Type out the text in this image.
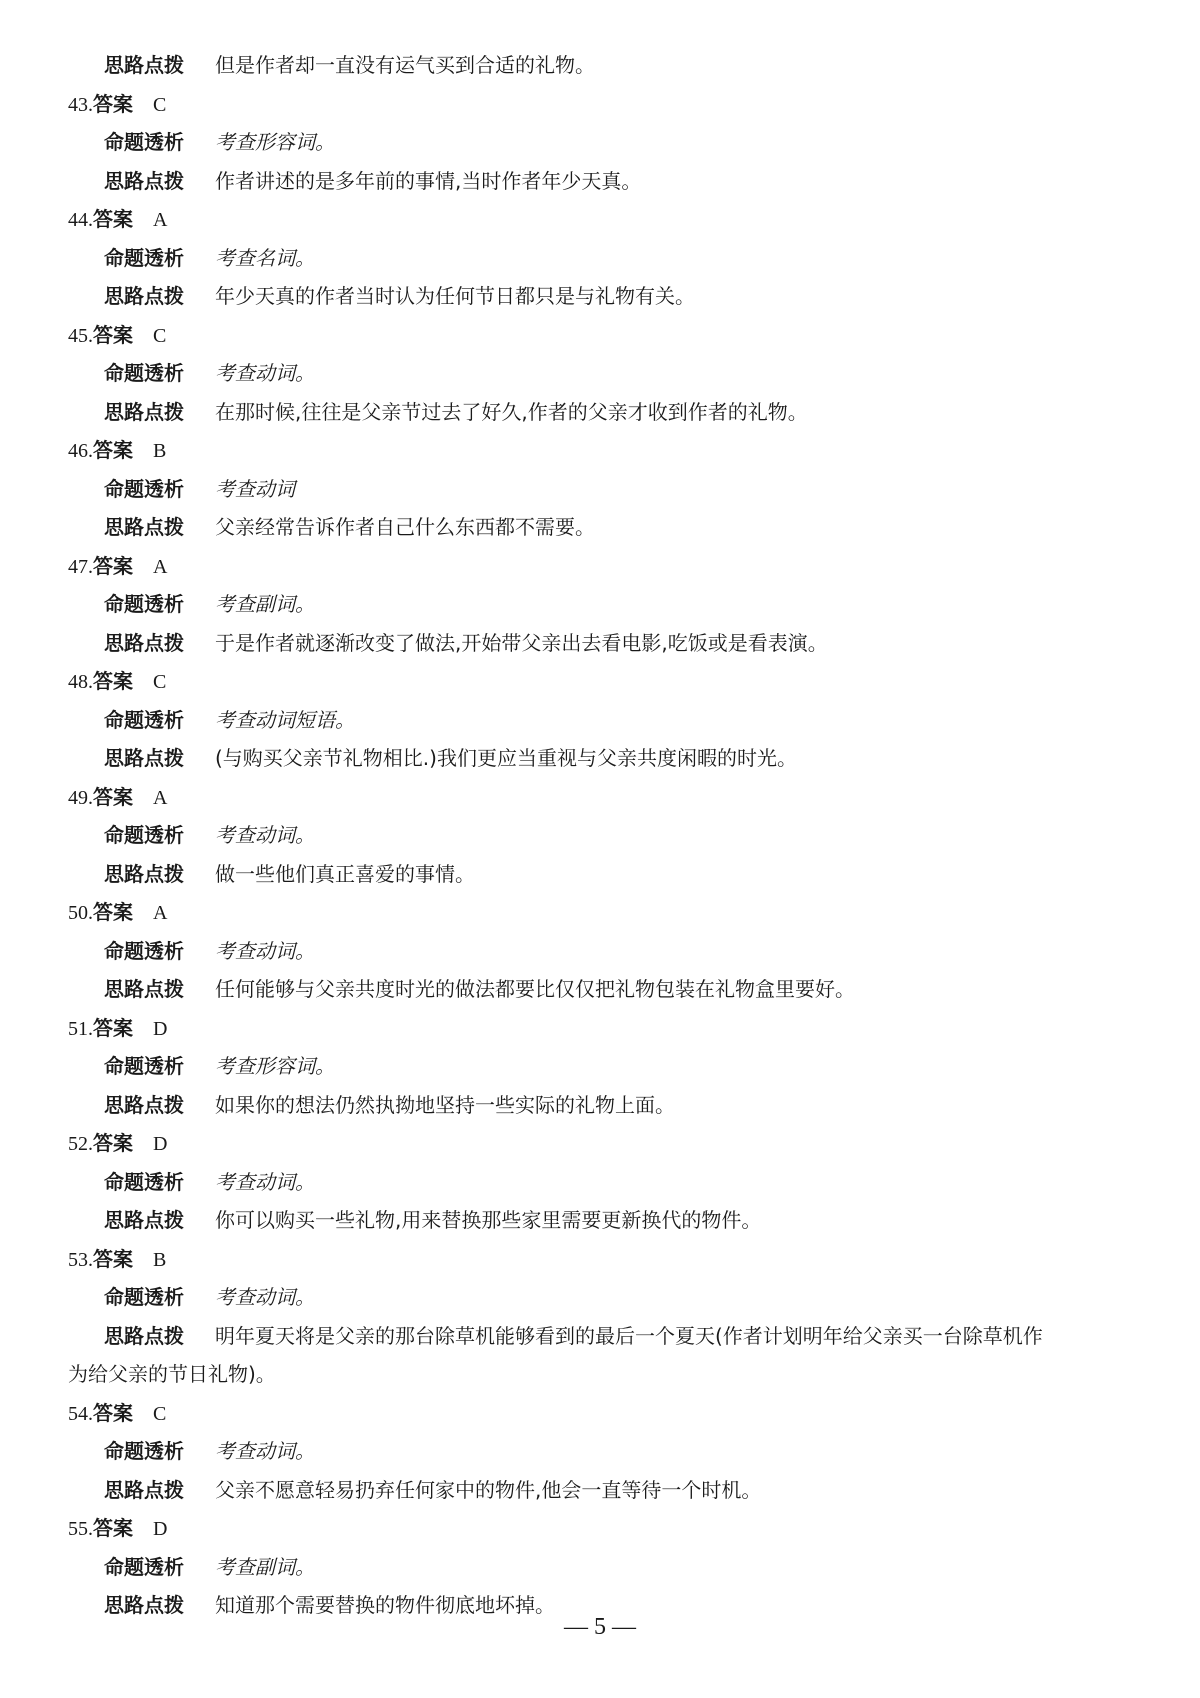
思路点拨 但是作者却一直没有运气买到合适的礼物。
43.答案 C
命题透析 考查形容词。
思路点拨 作者讲述的是多年前的事情,当时作者年少天真。
44.答案 A
命题透析 考查名词。
思路点拨 年少天真的作者当时认为任何节日都只是与礼物有关。
45.答案 C
命题透析 考查动词。
思路点拨 在那时候,往往是父亲节过去了好久,作者的父亲才收到作者的礼物。
46.答案 B
命题透析 考查动词
思路点拨 父亲经常告诉作者自己什么东西都不需要。
47.答案 A
命题透析 考查副词。
思路点拨 于是作者就逐渐改变了做法,开始带父亲出去看电影,吃饭或是看表演。
48.答案 C
命题透析 考查动词短语。
思路点拨 (与购买父亲节礼物相比.)我们更应当重视与父亲共度闲暇的时光。
49.答案 A
命题透析 考查动词。
思路点拨 做一些他们真正喜爱的事情。
50.答案 A
命题透析 考查动词。
思路点拨 任何能够与父亲共度时光的做法都要比仅仅把礼物包装在礼物盒里要好。
51.答案 D
命题透析 考查形容词。
思路点拨 如果你的想法仍然执拗地坚持一些实际的礼物上面。
52.答案 D
命题透析 考查动词。
思路点拨 你可以购买一些礼物,用来替换那些家里需要更新换代的物件。
53.答案 B
命题透析 考查动词。
思路点拨 明年夏天将是父亲的那台除草机能够看到的最后一个夏天(作者计划明年给父亲买一台除草机作
为给父亲的节日礼物)。
54.答案 C
命题透析 考查动词。
思路点拨 父亲不愿意轻易扔弃任何家中的物件,他会一直等待一个时机。
55.答案 D
命题透析 考查副词。
思路点拨 知道那个需要替换的物件彻底地坏掉。
— 5 —
